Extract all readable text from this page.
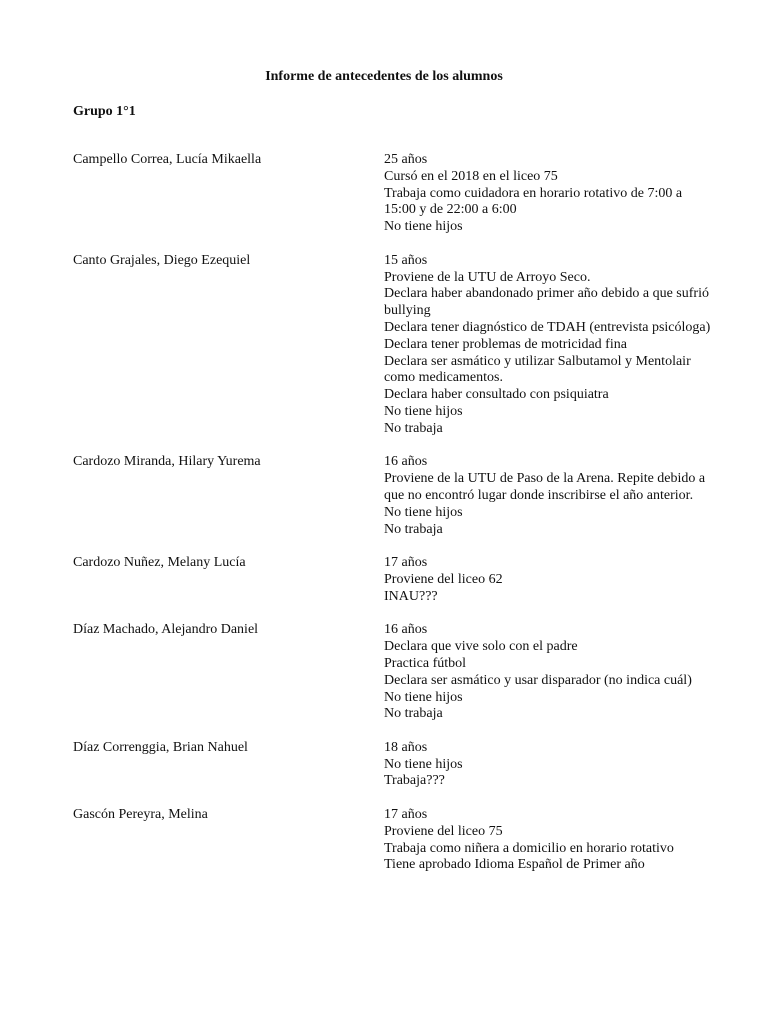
Informe de antecedentes de los alumnos
Grupo 1°1
Campello Correa, Lucía Mikaella	25 años
Cursó en el 2018 en el liceo 75
Trabaja como cuidadora en horario rotativo de 7:00 a 15:00 y de 22:00 a 6:00
No tiene hijos
Canto Grajales, Diego Ezequiel	15 años
Proviene de la UTU de Arroyo Seco.
Declara haber abandonado primer año debido a que sufrió bullying
Declara tener diagnóstico de TDAH (entrevista psicóloga)
Declara tener problemas de motricidad fina
Declara ser asmático y utilizar Salbutamol y Mentolair como medicamentos.
Declara haber consultado con psiquiatra
No tiene hijos
No trabaja
Cardozo Miranda, Hilary Yurema	16 años
Proviene de la UTU de Paso de la Arena. Repite debido a que no encontró lugar donde inscribirse el año anterior.
No tiene hijos
No trabaja
Cardozo Nuñez, Melany Lucía	17 años
Proviene del liceo 62
INAU???
Díaz Machado, Alejandro Daniel	16 años
Declara que vive solo con el padre
Practica fútbol
Declara ser asmático y usar disparador (no indica cuál)
No tiene hijos
No trabaja
Díaz Correnggia, Brian Nahuel	18 años
No tiene hijos
Trabaja???
Gascón Pereyra, Melina	17 años
Proviene del liceo 75
Trabaja como niñera a domicilio en horario rotativo
Tiene aprobado Idioma Español de Primer año
